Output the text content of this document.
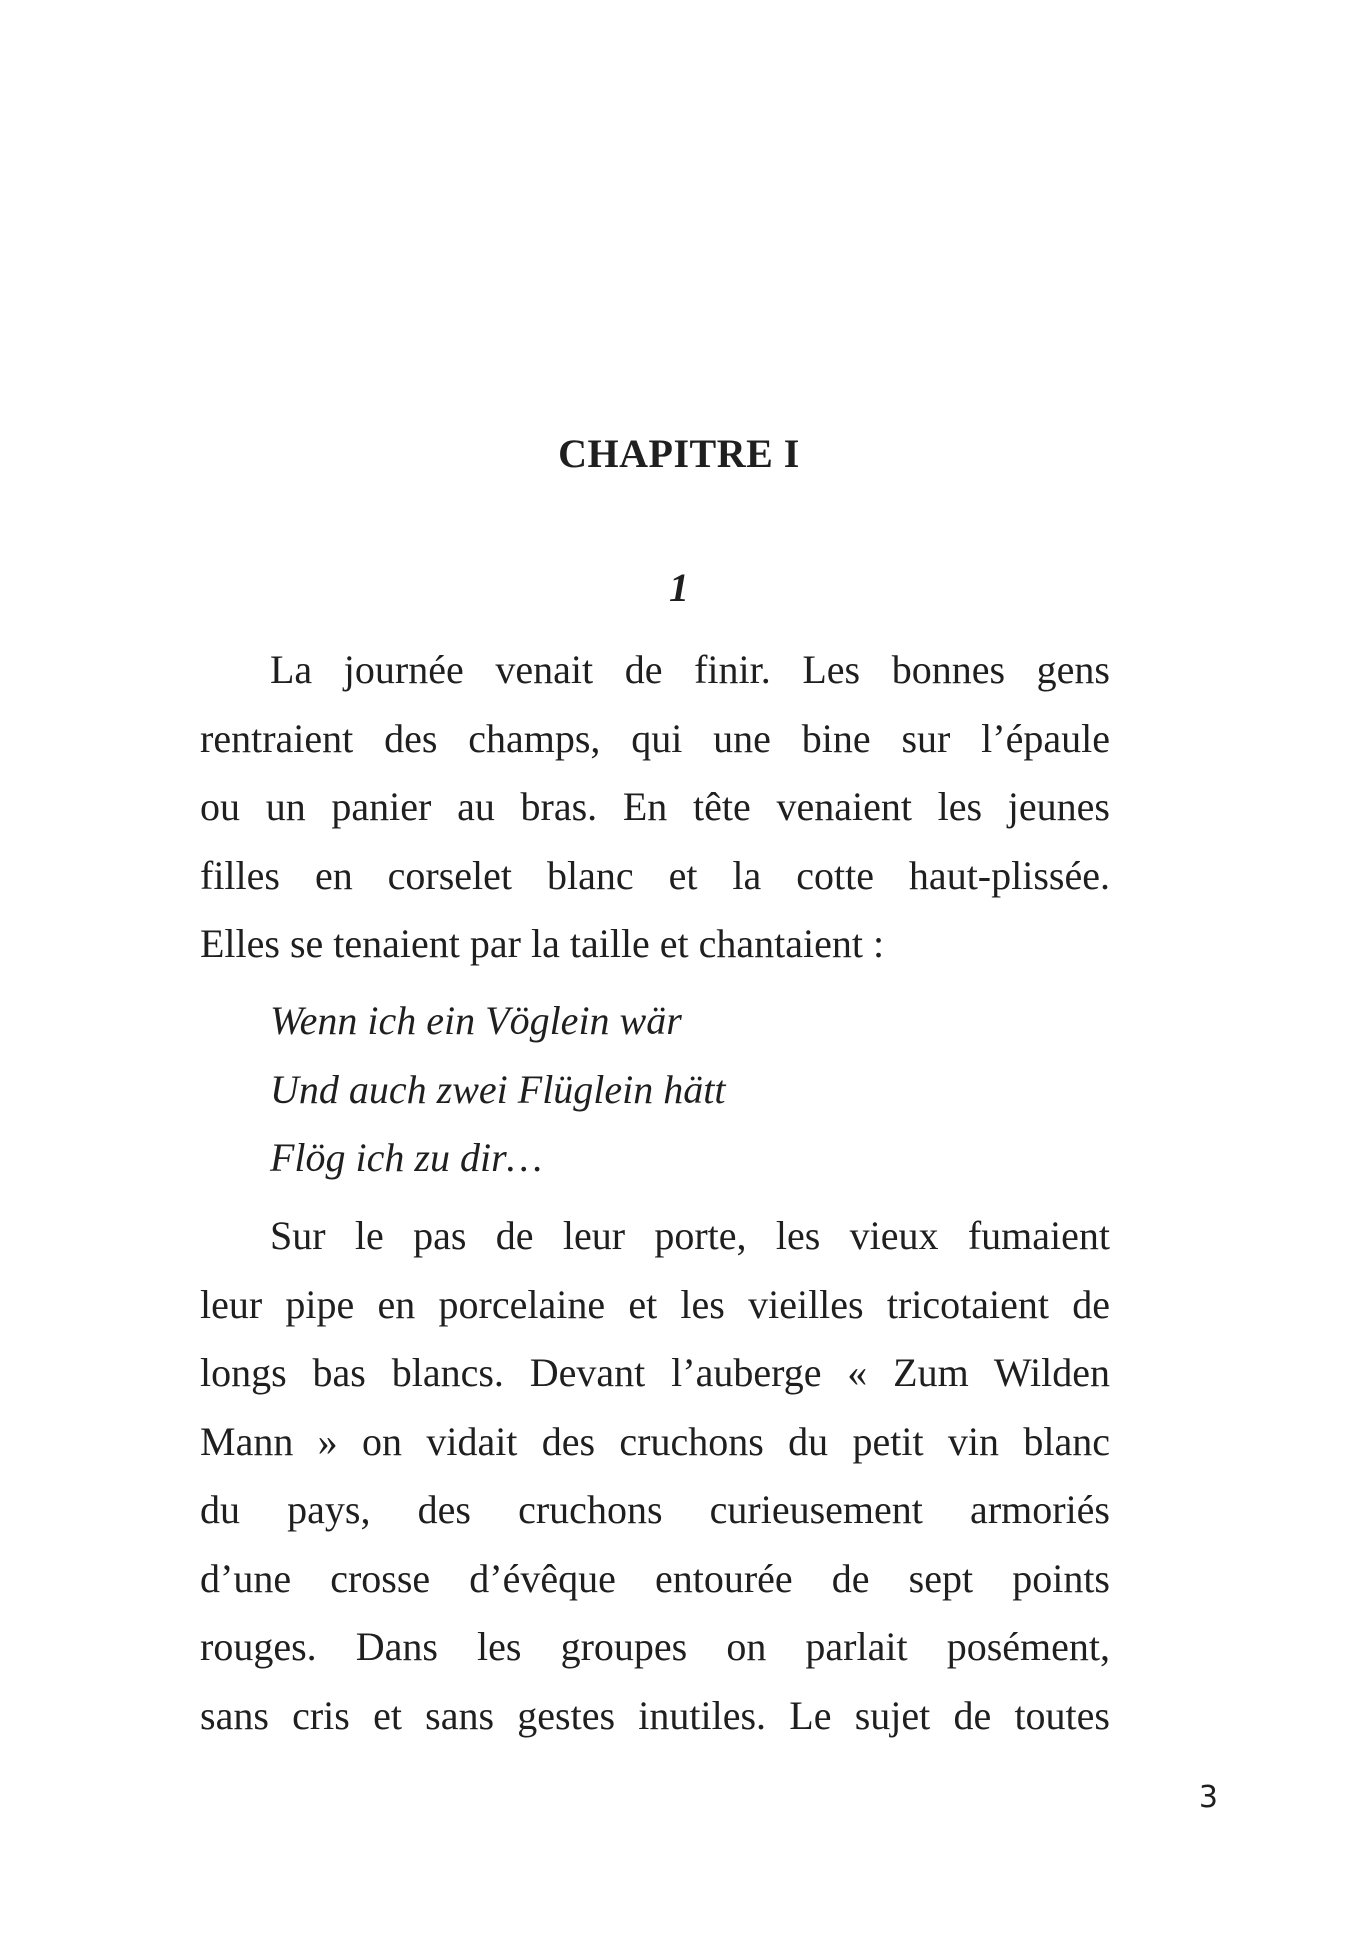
CHAPITRE I
1
La journée venait de finir. Les bonnes gens
rentraient des champs, qui une bine sur l’épaule
ou un panier au bras. En tête venaient les jeunes
filles en corselet blanc et la cotte haut-plissée.
Elles se tenaient par la taille et chantaient :
Wenn ich ein Vöglein wär
Und auch zwei Flüglein hätt
Flög ich zu dir…
Sur le pas de leur porte, les vieux fumaient
leur pipe en porcelaine et les vieilles tricotaient de
longs bas blancs. Devant l’auberge « Zum Wilden
Mann » on vidait des cruchons du petit vin blanc
du pays, des cruchons curieusement armoriés
d’une crosse d’évêque entourée de sept points
rouges. Dans les groupes on parlait posément,
sans cris et sans gestes inutiles. Le sujet de toutes
3
